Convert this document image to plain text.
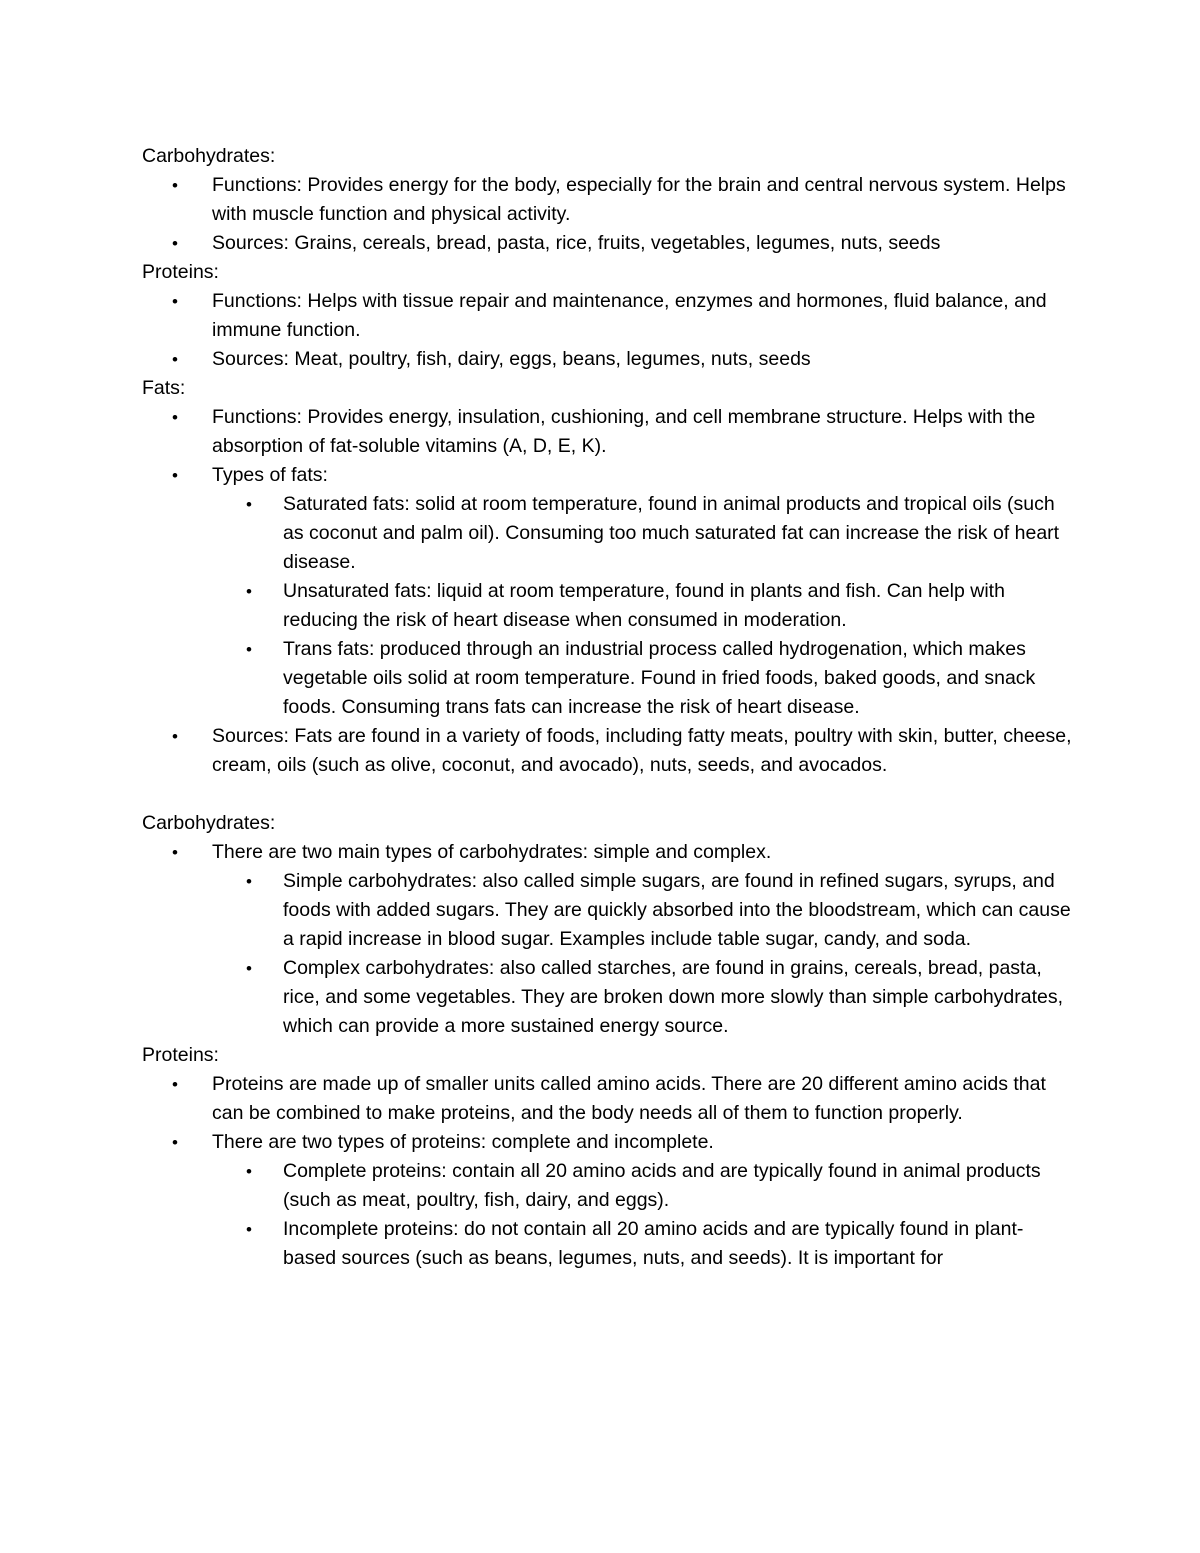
Carbohydrates:
• Functions: Provides energy for the body, especially for the brain and central nervous system. Helps with muscle function and physical activity.
• Sources: Grains, cereals, bread, pasta, rice, fruits, vegetables, legumes, nuts, seeds
Proteins:
• Functions: Helps with tissue repair and maintenance, enzymes and hormones, fluid balance, and immune function.
• Sources: Meat, poultry, fish, dairy, eggs, beans, legumes, nuts, seeds
Fats:
• Functions: Provides energy, insulation, cushioning, and cell membrane structure. Helps with the absorption of fat-soluble vitamins (A, D, E, K).
• Types of fats:
• Saturated fats: solid at room temperature, found in animal products and tropical oils (such as coconut and palm oil). Consuming too much saturated fat can increase the risk of heart disease.
• Unsaturated fats: liquid at room temperature, found in plants and fish. Can help with reducing the risk of heart disease when consumed in moderation.
• Trans fats: produced through an industrial process called hydrogenation, which makes vegetable oils solid at room temperature. Found in fried foods, baked goods, and snack foods. Consuming trans fats can increase the risk of heart disease.
• Sources: Fats are found in a variety of foods, including fatty meats, poultry with skin, butter, cheese, cream, oils (such as olive, coconut, and avocado), nuts, seeds, and avocados.
Carbohydrates:
• There are two main types of carbohydrates: simple and complex.
• Simple carbohydrates: also called simple sugars, are found in refined sugars, syrups, and foods with added sugars. They are quickly absorbed into the bloodstream, which can cause a rapid increase in blood sugar. Examples include table sugar, candy, and soda.
• Complex carbohydrates: also called starches, are found in grains, cereals, bread, pasta, rice, and some vegetables. They are broken down more slowly than simple carbohydrates, which can provide a more sustained energy source.
Proteins:
• Proteins are made up of smaller units called amino acids. There are 20 different amino acids that can be combined to make proteins, and the body needs all of them to function properly.
• There are two types of proteins: complete and incomplete.
• Complete proteins: contain all 20 amino acids and are typically found in animal products (such as meat, poultry, fish, dairy, and eggs).
• Incomplete proteins: do not contain all 20 amino acids and are typically found in plant-based sources (such as beans, legumes, nuts, and seeds). It is important for
